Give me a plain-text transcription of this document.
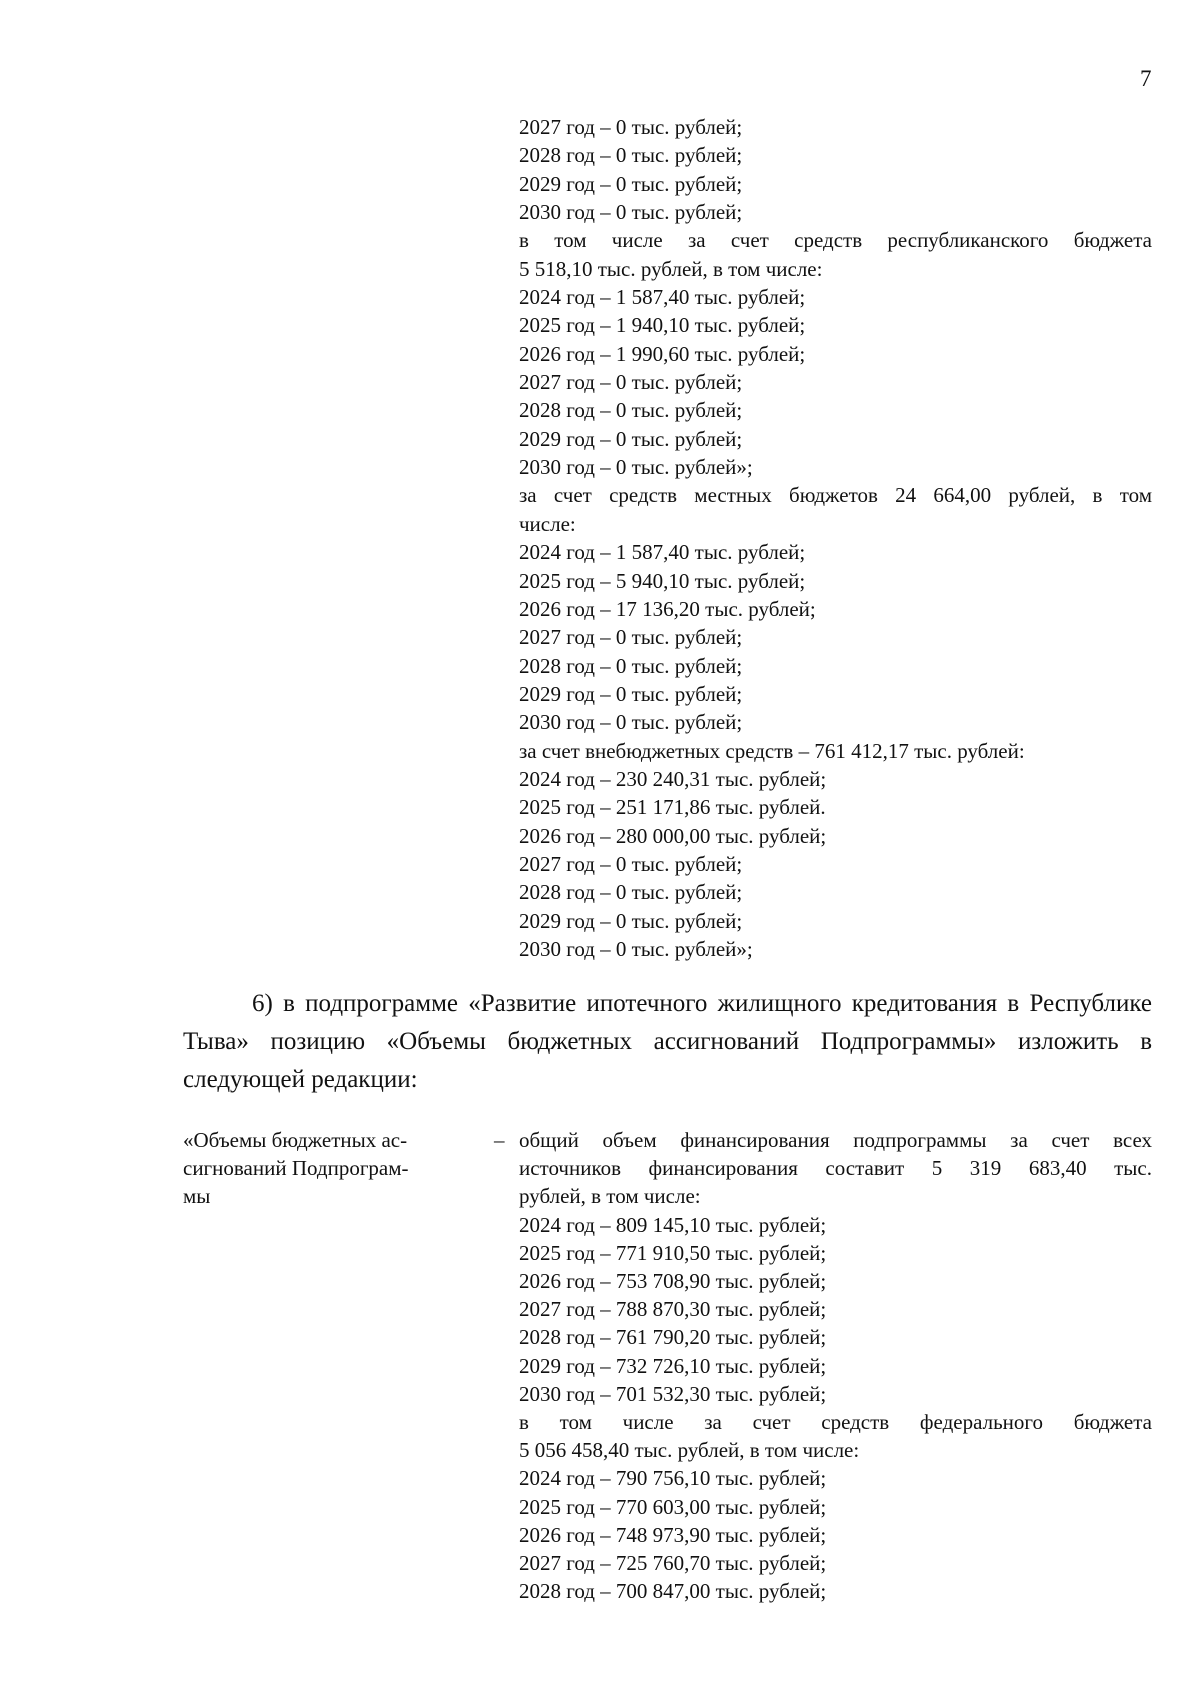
7
2027 год – 0 тыс. рублей;
2028 год – 0 тыс. рублей;
2029 год – 0 тыс. рублей;
2030 год – 0 тыс. рублей;
в том числе за счет средств республиканского бюджета
5 518,10 тыс. рублей, в том числе:
2024 год – 1 587,40 тыс. рублей;
2025 год – 1 940,10 тыс. рублей;
2026 год – 1 990,60 тыс. рублей;
2027 год – 0 тыс. рублей;
2028 год – 0 тыс. рублей;
2029 год – 0 тыс. рублей;
2030 год – 0 тыс. рублей»;
за счет средств местных бюджетов 24 664,00 рублей, в том
числе:
2024 год – 1 587,40 тыс. рублей;
2025 год – 5 940,10 тыс. рублей;
2026 год – 17 136,20 тыс. рублей;
2027 год – 0 тыс. рублей;
2028 год – 0 тыс. рублей;
2029 год – 0 тыс. рублей;
2030 год – 0 тыс. рублей;
за счет внебюджетных средств – 761 412,17 тыс. рублей:
2024 год – 230 240,31 тыс. рублей;
2025 год – 251 171,86 тыс. рублей.
2026 год – 280 000,00 тыс. рублей;
2027 год – 0 тыс. рублей;
2028 год – 0 тыс. рублей;
2029 год – 0 тыс. рублей;
2030 год – 0 тыс. рублей»;
6) в подпрограмме «Развитие ипотечного жилищного кредитования в Республике Тыва» позицию «Объемы бюджетных ассигнований Подпрограммы» изложить в следующей редакции:
«Объемы бюджетных ас-
сигнований Подпрограм-
мы
– общий объем финансирования подпрограммы за счет всех
источников финансирования составит 5 319 683,40 тыс.
рублей, в том числе:
2024 год – 809 145,10 тыс. рублей;
2025 год – 771 910,50 тыс. рублей;
2026 год – 753 708,90 тыс. рублей;
2027 год – 788 870,30 тыс. рублей;
2028 год – 761 790,20 тыс. рублей;
2029 год – 732 726,10 тыс. рублей;
2030 год – 701 532,30 тыс. рублей;
в том числе за счет средств федерального бюджета
5 056 458,40 тыс. рублей, в том числе:
2024 год – 790 756,10 тыс. рублей;
2025 год – 770 603,00 тыс. рублей;
2026 год – 748 973,90 тыс. рублей;
2027 год – 725 760,70 тыс. рублей;
2028 год – 700 847,00 тыс. рублей;
